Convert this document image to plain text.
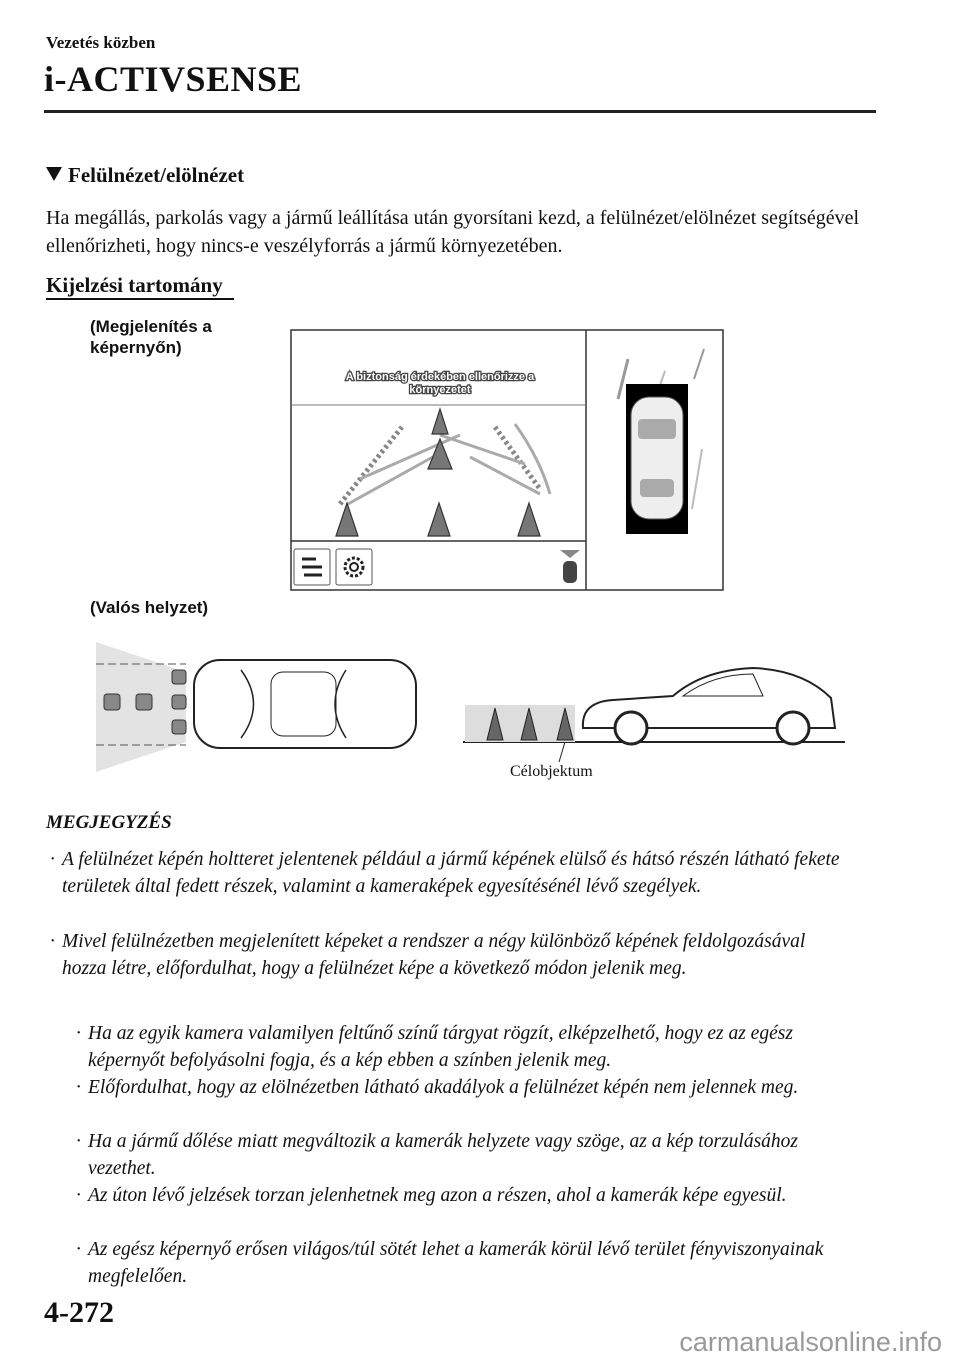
Vezetés közben
i-ACTIVSENSE
Felülnézet/elölnézet
Ha megállás, parkolás vagy a jármű leállítása után gyorsítani kezd, a felülnézet/elölnézet segítségével ellenőrizheti, hogy nincs-e veszélyforrás a jármű környezetében.
Kijelzési tartomány
(Megjelenítés a képernyőn)
A biztonság érdekében ellenőrizze a
környezetet
(Valós helyzet)
Célobjektum
MEGJEGYZÉS
· A felülnézet képén holtteret jelentenek például a jármű képének elülső és hátsó részén látható fekete területek által fedett részek, valamint a kameraképek egyesítésénél lévő szegélyek.
· Mivel felülnézetben megjelenített képeket a rendszer a négy különböző képének feldolgozásával hozza létre, előfordulhat, hogy a felülnézet képe a következő módon jelenik meg.
· Ha az egyik kamera valamilyen feltűnő színű tárgyat rögzít, elképzelhető, hogy ez az egész képernyőt befolyásolni fogja, és a kép ebben a színben jelenik meg.
· Előfordulhat, hogy az elölnézetben látható akadályok a felülnézet képén nem jelennek meg.
· Ha a jármű dőlése miatt megváltozik a kamerák helyzete vagy szöge, az a kép torzulásához vezethet.
· Az úton lévő jelzések torzan jelenhetnek meg azon a részen, ahol a kamerák képe egyesül.
· Az egész képernyő erősen világos/túl sötét lehet a kamerák körül lévő terület fényviszonyainak megfelelően.
4-272
carmanualsonline.info
